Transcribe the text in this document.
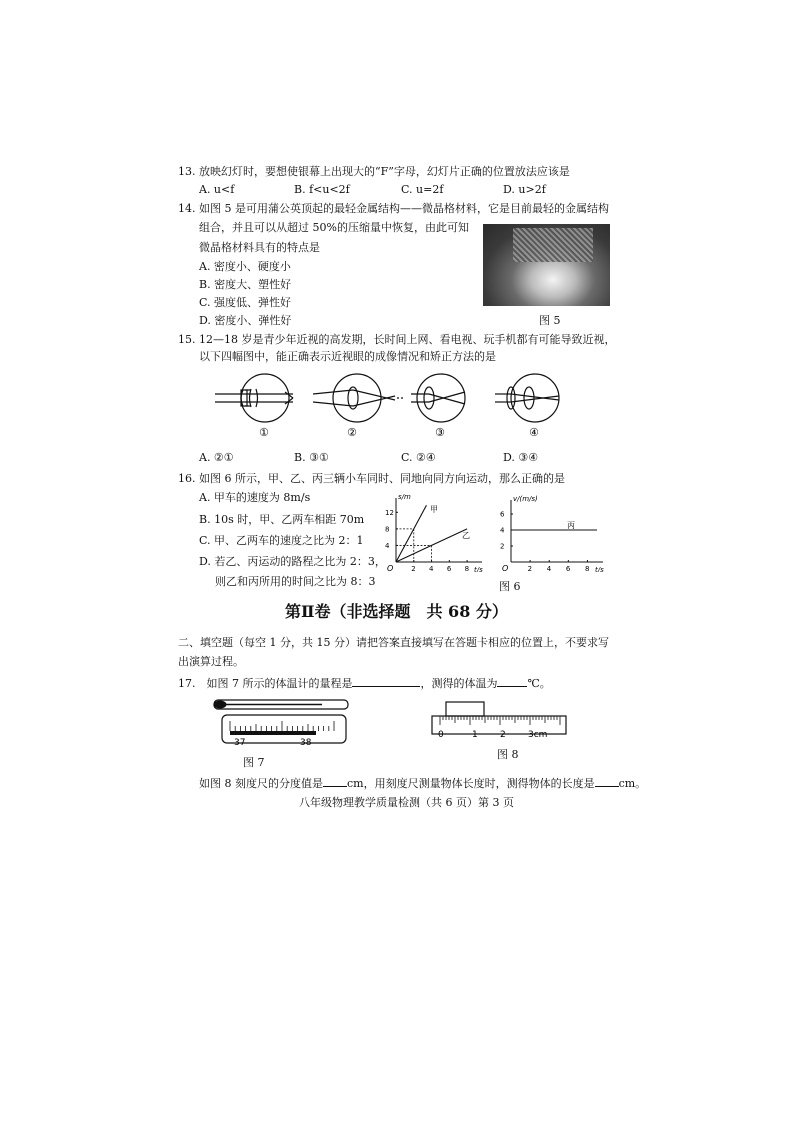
13. 放映幻灯时，要想使银幕上出现大的“F”字母，幻灯片正确的位置放法应该是
A. u<f	B. f<u<2f	C. u=2f	D. u>2f
14. 如图 5 是可用蒲公英顶起的最轻金属结构——微晶格材料，它是目前最轻的金属结构
组合，并且可以从超过 50%的压缩量中恢复，由此可知
微晶格材料具有的特点是
A. 密度小、硬度小
B. 密度大、塑性好
C. 强度低、弹性好
D. 密度小、弹性好	图 5
15. 12—18 岁是青少年近视的高发期，长时间上网、看电视、玩手机都有可能导致近视，
以下四幅图中，能正确表示近视眼的成像情况和矫正方法的是
①	②	③	④
A. ②①	B. ③①	C. ②④	D. ③④
16. 如图 6 所示，甲、乙、丙三辆小车同时、同地向同方向运动，那么正确的是
A. 甲车的速度为 8m/s
B. 10s 时，甲、乙两车相距 70m
C. 甲、乙两车的速度之比为 2：1
D. 若乙、丙运动的路程之比为 2：3，
则乙和丙所用的时间之比为 8：3
O	t/s
s/m
2 4 6 8
4
8
12	甲
乙
O	t/s
v/(m/s)
2 4 6 8
2
4
6
丙
图 6
第Ⅱ卷（非选择题　共 68 分）
二、填空题（每空 1 分，共 15 分）请把答案直接填写在答题卡相应的位置上，不要求写
出演算过程。
17.　如图 7 所示的体温计的量程是	，测得的体温为	℃。
37	38
图 7
0	1 2 3cm
图 8
如图 8 刻度尺的分度值是 cm，用刻度尺测量物体长度时，测得物体的长度是 cm。
八年级物理教学质量检测（共 6 页）第 3 页
